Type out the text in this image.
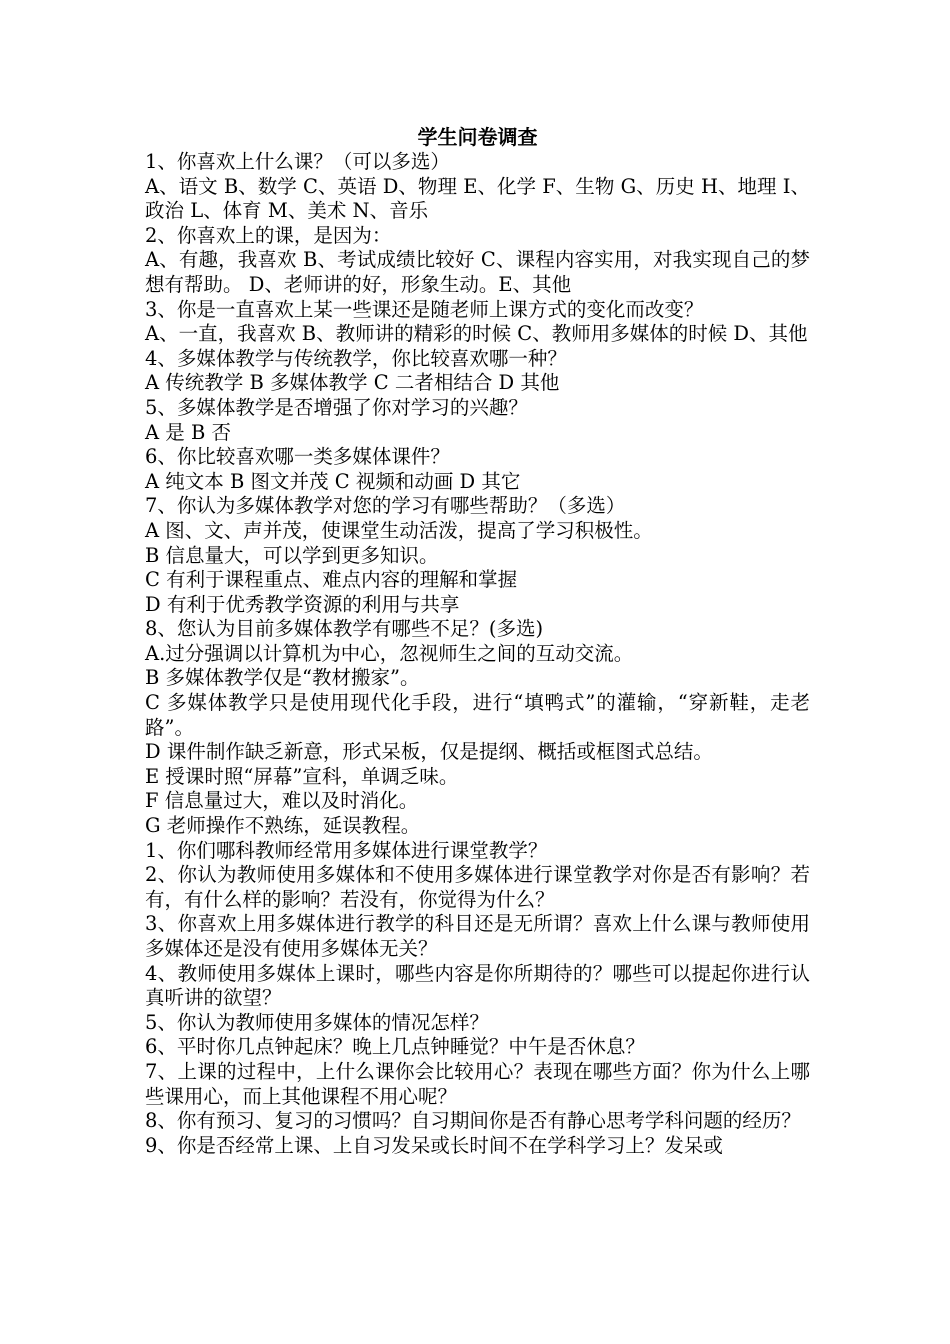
学生问卷调查

1、你喜欢上什么课？（可以多选）

A、语文 B、数学 C、英语 D、物理 E、化学 F、生物 G、历史 H、地理 I、政治 L、体育 M、美术 N、音乐

2、你喜欢上的课，是因为：

A、有趣，我喜欢 B、考试成绩比较好 C、课程内容实用，对我实现自己的梦想有帮助。 D、老师讲的好，形象生动。E、其他

3、你是一直喜欢上某一些课还是随老师上课方式的变化而改变？

A、一直，我喜欢 B、教师讲的精彩的时候 C、教师用多媒体的时候 D、其他

4、多媒体教学与传统教学，你比较喜欢哪一种？

A 传统教学 B 多媒体教学 C 二者相结合 D 其他

5、多媒体教学是否增强了你对学习的兴趣？

A 是 B 否

6、你比较喜欢哪一类多媒体课件？

A 纯文本 B 图文并茂 C 视频和动画 D 其它

7、你认为多媒体教学对您的学习有哪些帮助？（多选）

A 图、文、声并茂，使课堂生动活泼，提高了学习积极性。

B 信息量大，可以学到更多知识。

C 有利于课程重点、难点内容的理解和掌握

D 有利于优秀教学资源的利用与共享

8、您认为目前多媒体教学有哪些不足？(多选)

A.过分强调以计算机为中心，忽视师生之间的互动交流。

B 多媒体教学仅是“教材搬家”。

C 多媒体教学只是使用现代化手段，进行“填鸭式”的灌输，“穿新鞋，走老路”。

D 课件制作缺乏新意，形式呆板，仅是提纲、概括或框图式总结。

E 授课时照“屏幕”宣科，单调乏味。

F 信息量过大，难以及时消化。

G 老师操作不熟练，延误教程。

1、你们哪科教师经常用多媒体进行课堂教学？

2、你认为教师使用多媒体和不使用多媒体进行课堂教学对你是否有影响？若有，有什么样的影响？若没有，你觉得为什么？

3、你喜欢上用多媒体进行教学的科目还是无所谓？喜欢上什么课与教师使用多媒体还是没有使用多媒体无关？

4、教师使用多媒体上课时，哪些内容是你所期待的？哪些可以提起你进行认真听讲的欲望？

5、你认为教师使用多媒体的情况怎样？

6、平时你几点钟起床？晚上几点钟睡觉？中午是否休息？

7、上课的过程中，上什么课你会比较用心？表现在哪些方面？你为什么上哪些课用心，而上其他课程不用心呢？

8、你有预习、复习的习惯吗？自习期间你是否有静心思考学科问题的经历？

9、你是否经常上课、上自习发呆或长时间不在学科学习上？发呆或
